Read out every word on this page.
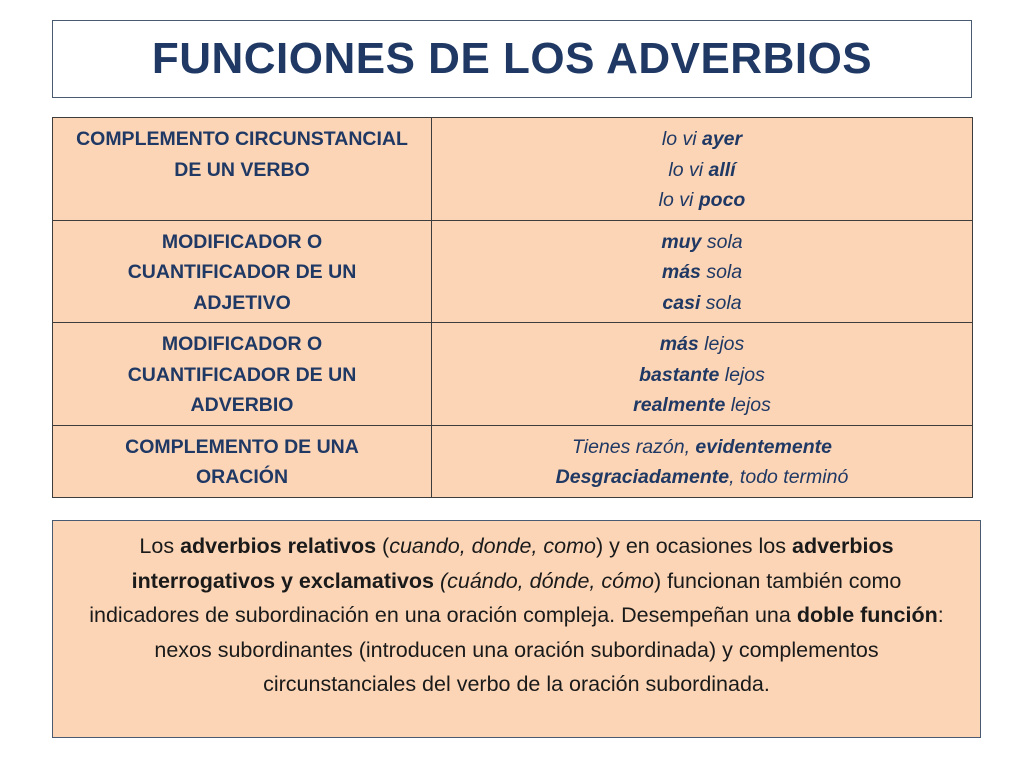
FUNCIONES DE LOS ADVERBIOS
COMPLEMENTO CIRCUNSTANCIAL
DE UN VERBO	lo vi ayer
lo vi allí
lo vi poco

MODIFICADOR O
CUANTIFICADOR DE UN
ADJETIVO	muy sola
más sola
casi sola

MODIFICADOR O
CUANTIFICADOR DE UN
ADVERBIO	más lejos
bastante lejos
realmente lejos

COMPLEMENTO DE UNA
ORACIÓN	Tienes razón, evidentemente
Desgraciadamente, todo terminó

Los adverbios relativos (cuando, donde, como) y en ocasiones los adverbios interrogativos y exclamativos (cuándo, dónde, cómo) funcionan también como indicadores de subordinación en una oración compleja. Desempeñan una doble función: nexos subordinantes (introducen una oración subordinada) y complementos circunstanciales del verbo de la oración subordinada.
